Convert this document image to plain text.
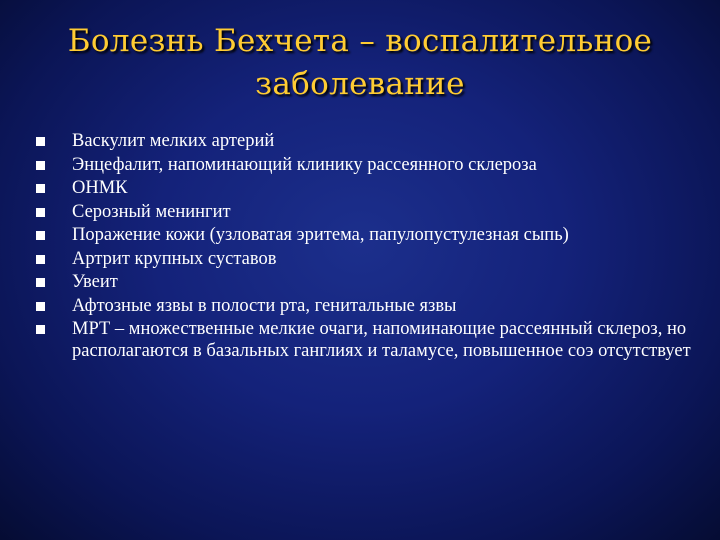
Болезнь Бехчета – воспалительное заболевание
Васкулит мелких артерий
Энцефалит, напоминающий клинику рассеянного склероза
ОНМК
Серозный менингит
Поражение кожи (узловатая эритема, папулопустулезная сыпь)
Артрит крупных суставов
Увеит
Афтозные язвы в полости рта, генитальные язвы
МРТ – множественные мелкие очаги, напоминающие рассеянный склероз, но располагаются в базальных ганглиях и таламусе, повышенное соэ отсутствует
